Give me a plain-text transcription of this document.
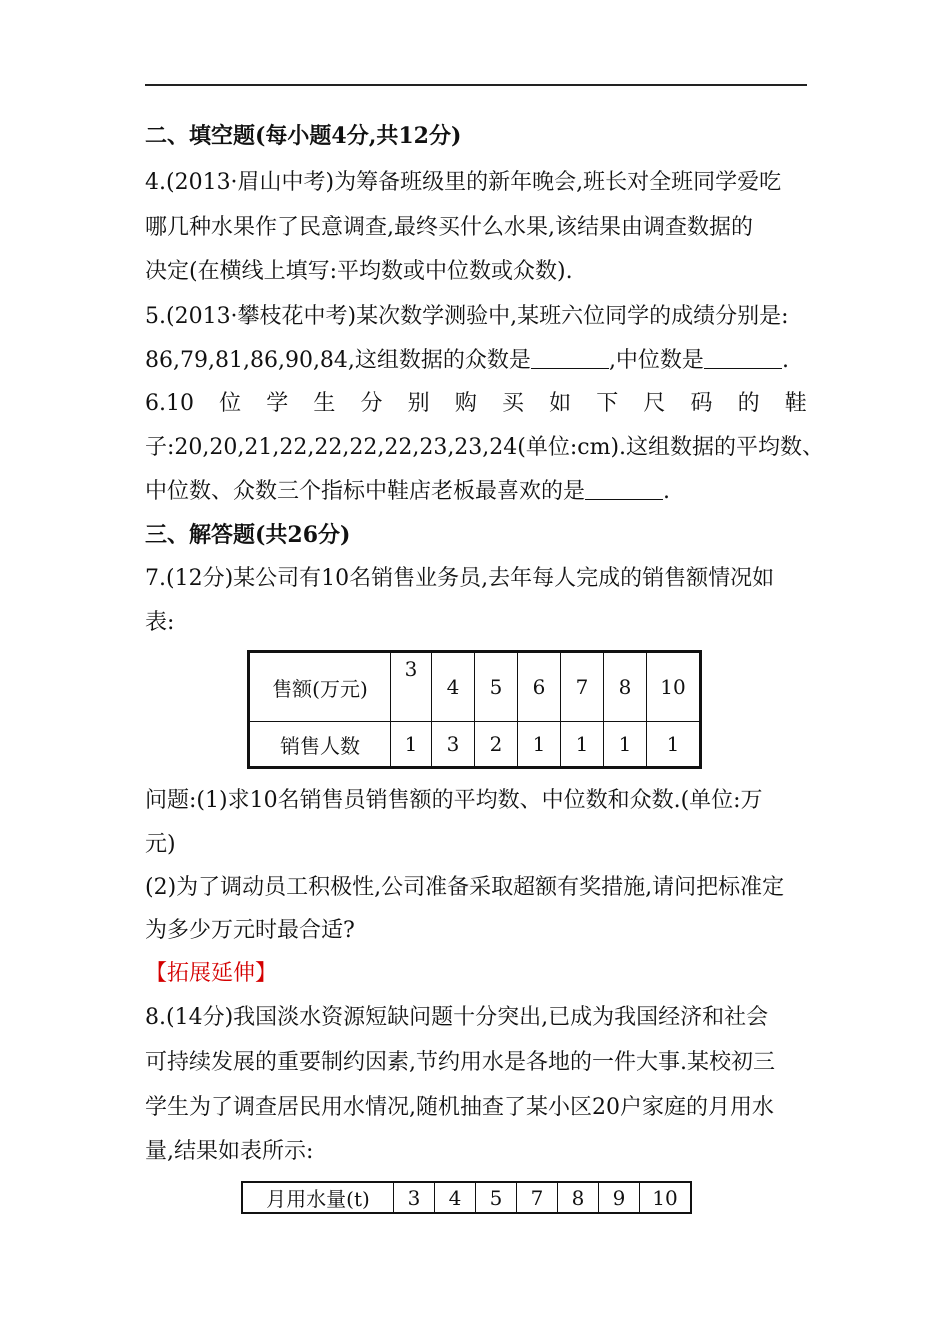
二、填空题(每小题4分,共12分)
4.(2013·眉山中考)为筹备班级里的新年晚会,班长对全班同学爱吃
哪几种水果作了民意调查,最终买什么水果,该结果由调查数据的
决定(在横线上填写:平均数或中位数或众数).
5.(2013·攀枝花中考)某次数学测验中,某班六位同学的成绩分别是:
86,79,81,86,90,84,这组数据的众数是	,中位数是	.
6.10 位 学 生 分 别 购 买 如 下 尺 码 的 鞋
子:20,20,21,22,22,22,22,23,23,24(单位:cm).这组数据的平均数、
中位数、众数三个指标中鞋店老板最喜欢的是	.
三、解答题(共26分)
7.(12分)某公司有10名销售业务员,去年每人完成的销售额情况如
表:
售额(万元)	3	4	5	6	7	8	10
销售人数	1	3	2	1	1	1	1
问题:(1)求10名销售员销售额的平均数、中位数和众数.(单位:万
元)
(2)为了调动员工积极性,公司准备采取超额有奖措施,请问把标准定
为多少万元时最合适?
【拓展延伸】
8.(14分)我国淡水资源短缺问题十分突出,已成为我国经济和社会
可持续发展的重要制约因素,节约用水是各地的一件大事.某校初三
学生为了调查居民用水情况,随机抽查了某小区20户家庭的月用水
量,结果如表所示:
月用水量(t)	3	4	5	7	8	9	10
